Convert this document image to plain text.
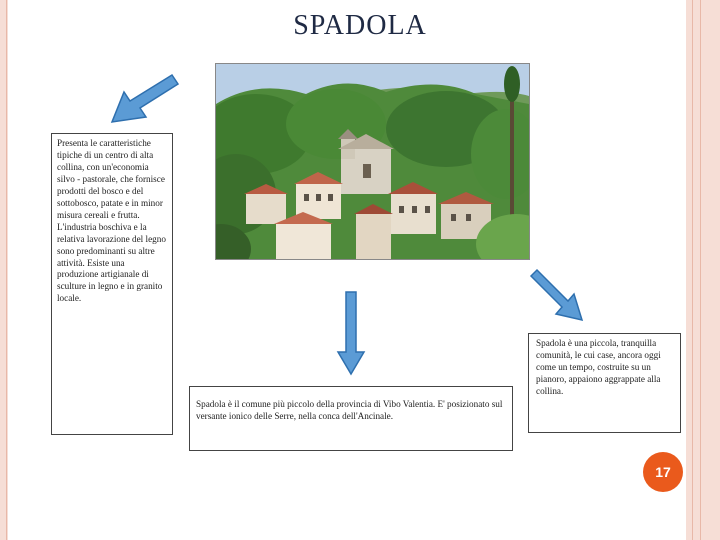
SPADOLA
Presenta le caratteristiche tipiche di un centro di alta collina, con un'economia silvo - pastorale, che fornisce prodotti del bosco e del sottobosco, patate e in minor misura cereali e frutta. L'industria boschiva e la relativa lavorazione del legno sono predominanti su altre attività. Esiste una produzione artigianale di sculture in legno e in granito locale.
Spadola è il comune più piccolo della provincia di Vibo Valentia. E' posizionato sul versante ionico delle Serre, nella conca dell'Ancinale.
Spadola è una piccola, tranquilla comunità, le cui case, ancora oggi come un tempo, costruite su un pianoro, appaiono aggrappate alla collina.
17
